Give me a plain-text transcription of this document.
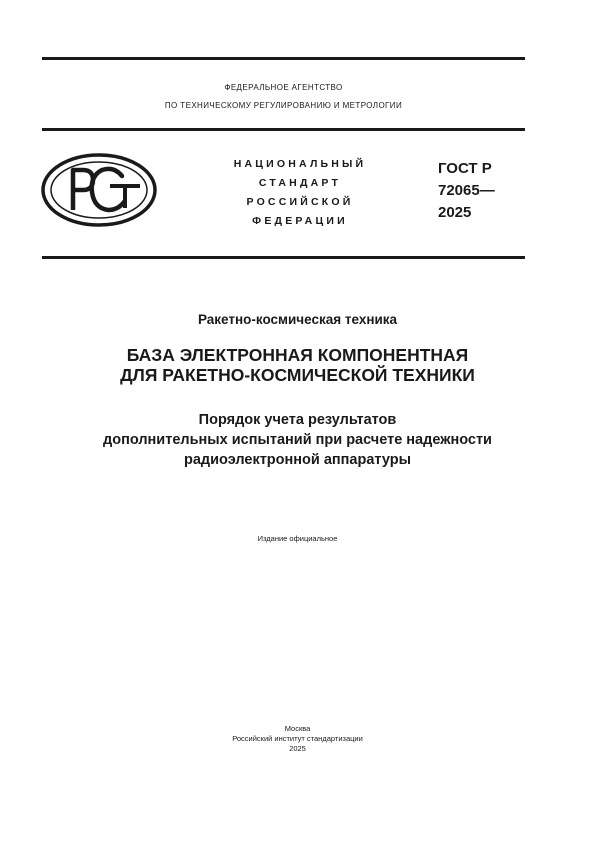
ФЕДЕРАЛЬНОЕ АГЕНТСТВО
ПО ТЕХНИЧЕСКОМУ РЕГУЛИРОВАНИЮ И МЕТРОЛОГИИ
НАЦИОНАЛЬНЫЙ
СТАНДАРТ
РОССИЙСКОЙ
ФЕДЕРАЦИИ
ГОСТ Р
72065—
2025
Ракетно-космическая техника
БАЗА ЭЛЕКТРОННАЯ КОМПОНЕНТНАЯ
ДЛЯ РАКЕТНО-КОСМИЧЕСКОЙ ТЕХНИКИ
Порядок учета результатов
дополнительных испытаний при расчете надежности
радиоэлектронной аппаратуры
Издание официальное
Москва
Российский институт стандартизации
2025
